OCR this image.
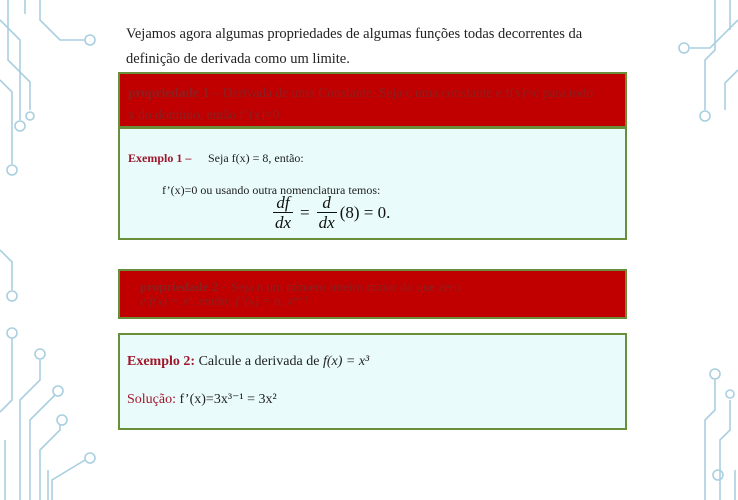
Vejamos agora algumas propriedades de algumas funções todas decorrentes da
definição de derivada como um limite.
propriedade 1 – Derivada de uma Constante. Seja c uma constante e f(x)=c para todo
x do domínio, então f’(x)=0
Exemplo 1 – Seja f(x) = 8, então:
f’(x)=0 ou usando outra nomenclatura temos:
$\frac{df}{dx} = \frac{d}{dx} (8) = 0$.
propriedade 2 – Seja n um número inteiro maior do que zero
e f(x) = xⁿ, então: f’(x) = n. xⁿ⁻¹
Exemplo 2: Calcule a derivada de f(x) = x³
Solução: f’(x)=3x³⁻¹ = 3x²
